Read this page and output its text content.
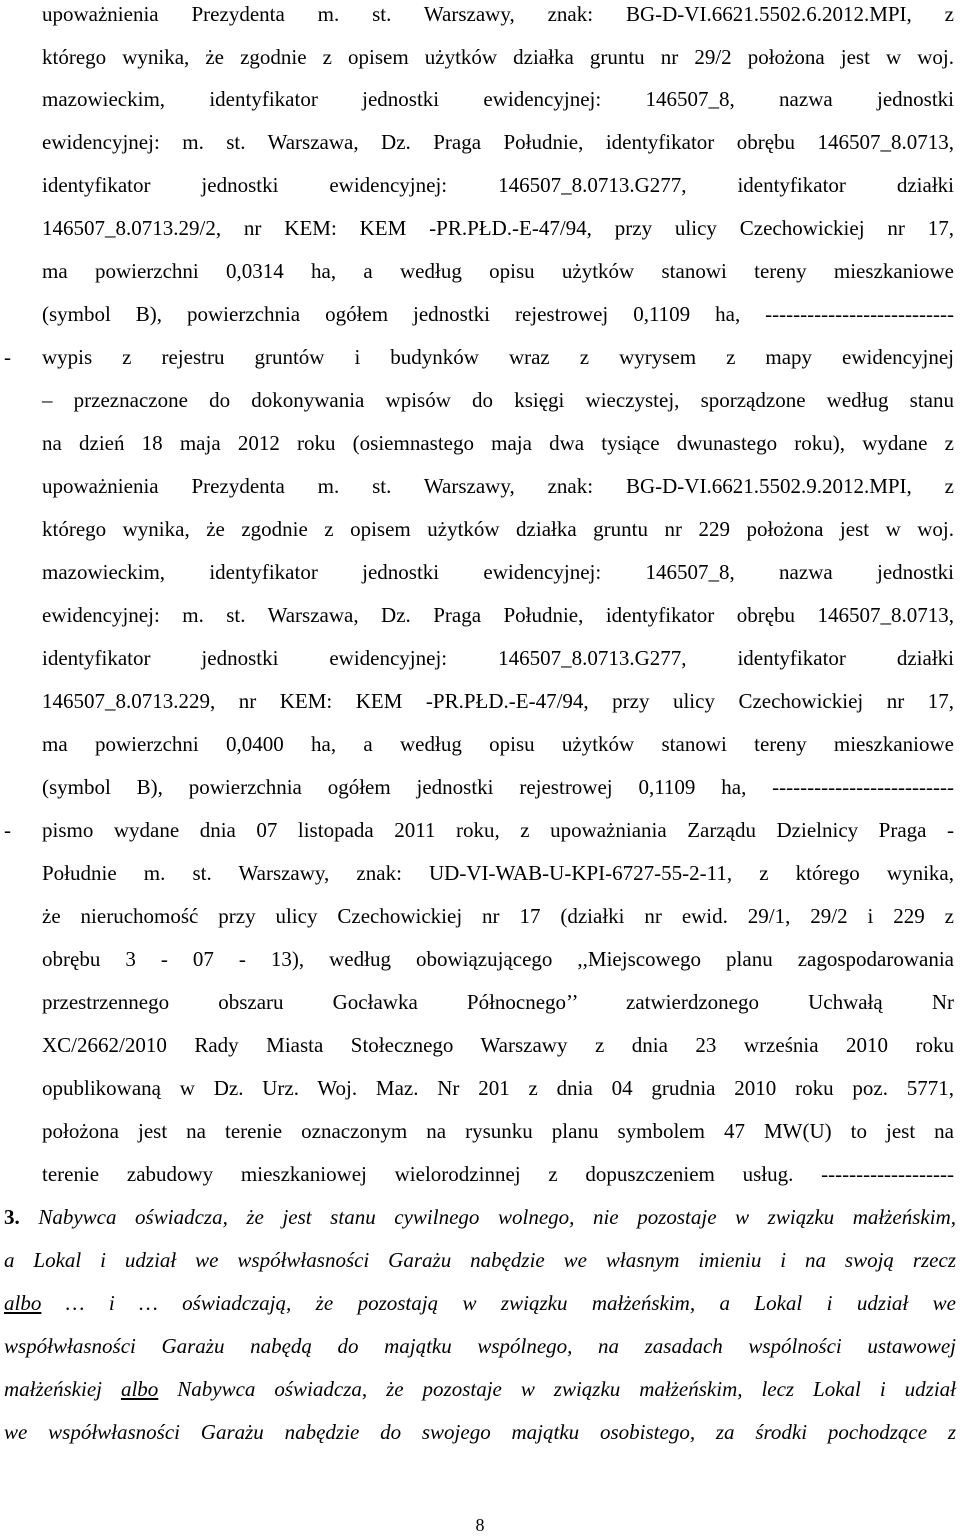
upoważnienia Prezydenta m. st. Warszawy, znak: BG-D-VI.6621.5502.6.2012.MPI, z
którego wynika, że zgodnie z opisem użytków działka gruntu nr 29/2 położona jest w woj.
mazowieckim, identyfikator jednostki ewidencyjnej: 146507_8, nazwa jednostki
ewidencyjnej: m. st. Warszawa, Dz. Praga Południe, identyfikator obrębu 146507_8.0713,
identyfikator jednostki ewidencyjnej: 146507_8.0713.G277, identyfikator działki
146507_8.0713.29/2, nr KEM: KEM -PR.PŁD.-E-47/94, przy ulicy Czechowickiej nr 17,
ma powierzchni 0,0314 ha, a według opisu użytków stanowi tereny mieszkaniowe
(symbol B), powierzchnia ogółem jednostki rejestrowej 0,1109 ha, ---------------------------
- wypis z rejestru gruntów i budynków wraz z wyrysem z mapy ewidencyjnej
– przeznaczone do dokonywania wpisów do księgi wieczystej, sporządzone według stanu
na dzień 18 maja 2012 roku (osiemnastego maja dwa tysiące dwunastego roku), wydane z
upoważnienia Prezydenta m. st. Warszawy, znak: BG-D-VI.6621.5502.9.2012.MPI, z
którego wynika, że zgodnie z opisem użytków działka gruntu nr 229 położona jest w woj.
mazowieckim, identyfikator jednostki ewidencyjnej: 146507_8, nazwa jednostki
ewidencyjnej: m. st. Warszawa, Dz. Praga Południe, identyfikator obrębu 146507_8.0713,
identyfikator jednostki ewidencyjnej: 146507_8.0713.G277, identyfikator działki
146507_8.0713.229, nr KEM: KEM -PR.PŁD.-E-47/94, przy ulicy Czechowickiej nr 17,
ma powierzchni 0,0400 ha, a według opisu użytków stanowi tereny mieszkaniowe
(symbol B), powierzchnia ogółem jednostki rejestrowej 0,1109 ha, --------------------------
- pismo wydane dnia 07 listopada 2011 roku, z upoważniania Zarządu Dzielnicy Praga -
Południe m. st. Warszawy, znak: UD-VI-WAB-U-KPI-6727-55-2-11, z którego wynika,
że nieruchomość przy ulicy Czechowickiej nr 17 (działki nr ewid. 29/1, 29/2 i 229 z
obrębu 3 - 07 - 13), według obowiązującego ,,Miejscowego planu zagospodarowania
przestrzennego obszaru Gocławka Północnego’’ zatwierdzonego Uchwałą Nr
XC/2662/2010 Rady Miasta Stołecznego Warszawy z dnia 23 września 2010 roku
opublikowaną w Dz. Urz. Woj. Maz. Nr 201 z dnia 04 grudnia 2010 roku poz. 5771,
położona jest na terenie oznaczonym na rysunku planu symbolem 47 MW(U) to jest na
terenie zabudowy mieszkaniowej wielorodzinnej z dopuszczeniem usług. -------------------
3. Nabywca oświadcza, że jest stanu cywilnego wolnego, nie pozostaje w związku małżeńskim,
a Lokal i udział we współwłasności Garażu nabędzie we własnym imieniu i na swoją rzecz
albo … i … oświadczają, że pozostają w związku małżeńskim, a Lokal i udział we
współwłasności Garażu nabędą do majątku wspólnego, na zasadach wspólności ustawowej
małżeńskiej albo Nabywca oświadcza, że pozostaje w związku małżeńskim, lecz Lokal i udział
we współwłasności Garażu nabędzie do swojego majątku osobistego, za środki pochodzące z
8
